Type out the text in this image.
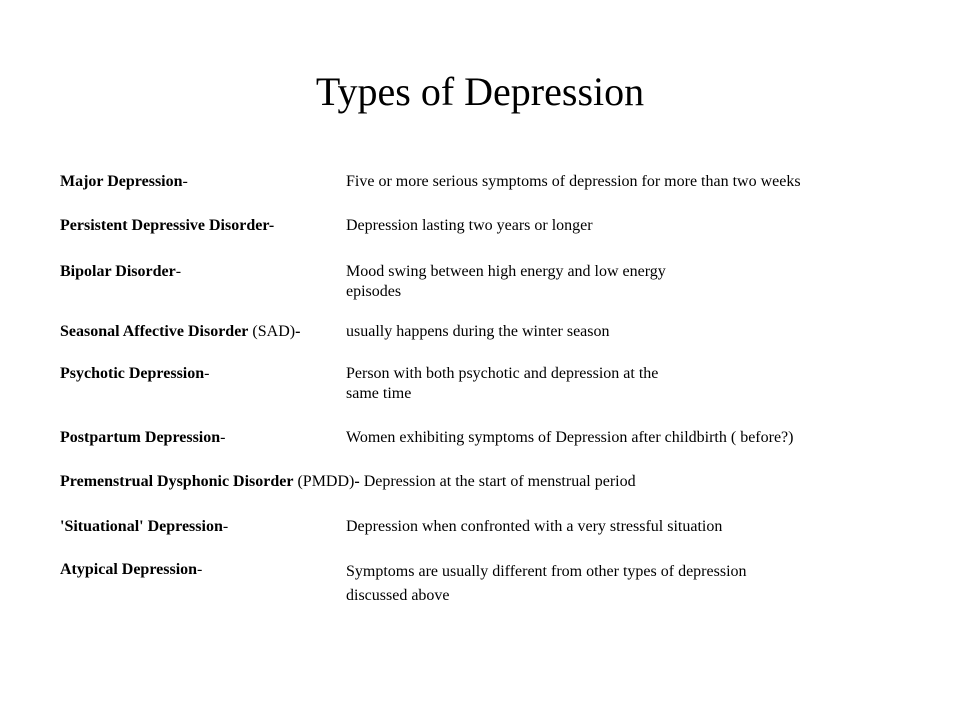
Types of Depression
Major Depression-	Five or more serious symptoms of depression for more than two weeks
Persistent Depressive Disorder-	Depression lasting two years or longer
Bipolar Disorder-	Mood swing between high energy and low energy
episodes
Seasonal Affective Disorder (SAD)-	usually happens during the winter season
Psychotic Depression-	Person with both psychotic and depression at the
same time
Postpartum Depression-	Women exhibiting symptoms of Depression after childbirth ( before?)
Premenstrual Dysphonic Disorder (PMDD)- Depression at the start of menstrual period
'Situational' Depression-	Depression when confronted with a very stressful situation
Atypical Depression-	Symptoms are usually different from other types of depression
discussed above
